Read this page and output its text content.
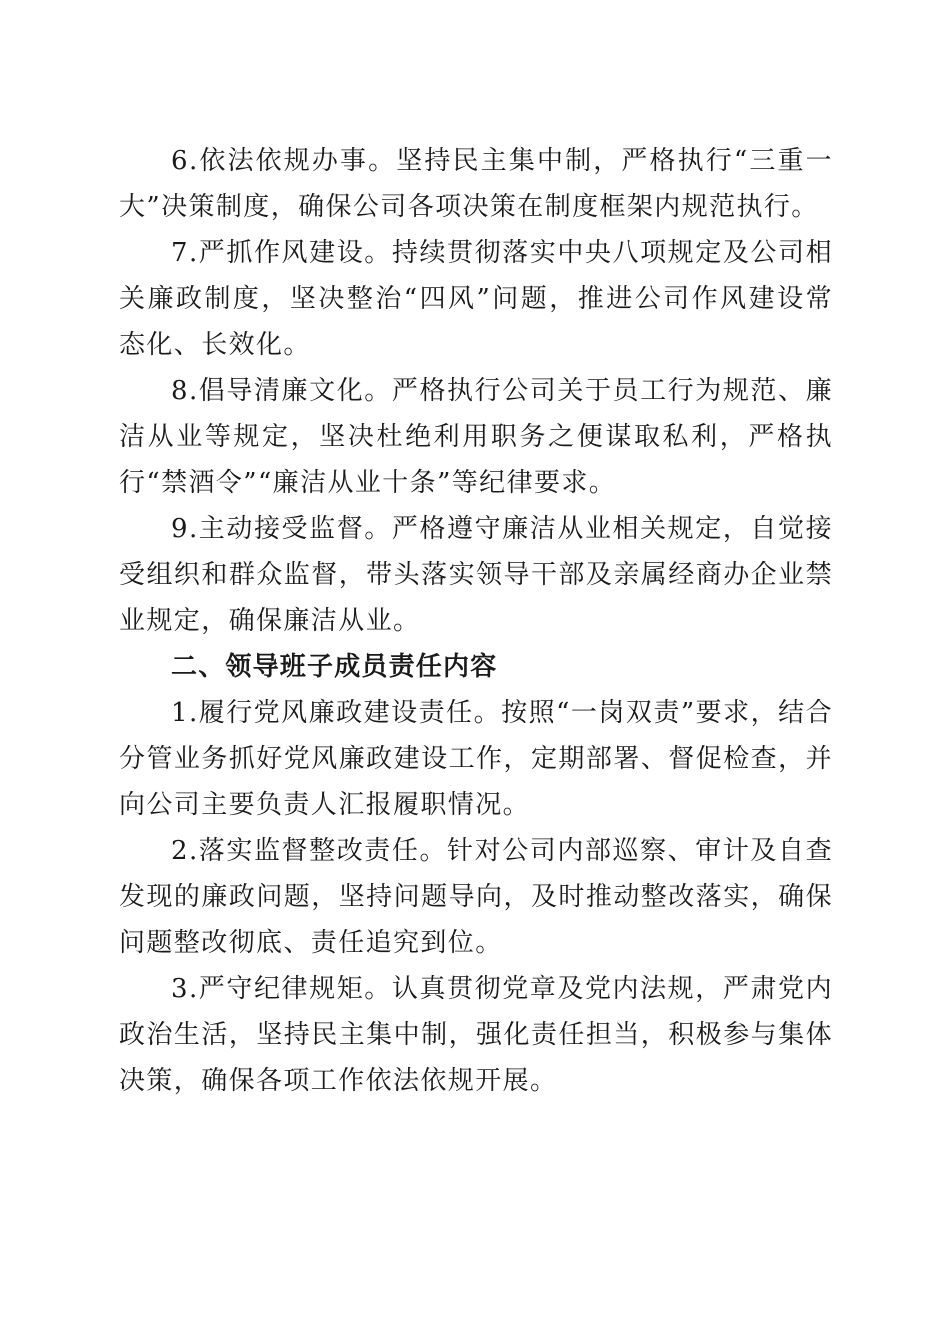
6.依法依规办事。坚持民主集中制，严格执行“三重一大”决策制度，确保公司各项决策在制度框架内规范执行。

7.严抓作风建设。持续贯彻落实中央八项规定及公司相关廉政制度，坚决整治“四风”问题，推进公司作风建设常态化、长效化。

8.倡导清廉文化。严格执行公司关于员工行为规范、廉洁从业等规定，坚决杜绝利用职务之便谋取私利，严格执行“禁酒令”“廉洁从业十条”等纪律要求。

9.主动接受监督。严格遵守廉洁从业相关规定，自觉接受组织和群众监督，带头落实领导干部及亲属经商办企业禁业规定，确保廉洁从业。

二、领导班子成员责任内容

1.履行党风廉政建设责任。按照“一岗双责”要求，结合分管业务抓好党风廉政建设工作，定期部署、督促检查，并向公司主要负责人汇报履职情况。

2.落实监督整改责任。针对公司内部巡察、审计及自查发现的廉政问题，坚持问题导向，及时推动整改落实，确保问题整改彻底、责任追究到位。

3.严守纪律规矩。认真贯彻党章及党内法规，严肃党内政治生活，坚持民主集中制，强化责任担当，积极参与集体决策，确保各项工作依法依规开展。
